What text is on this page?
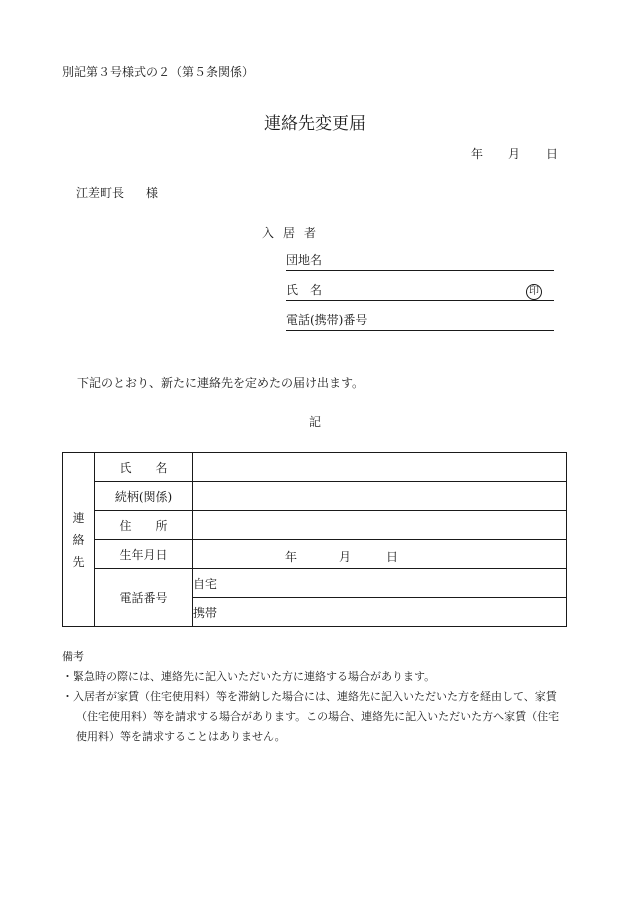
別記第３号様式の２（第５条関係）
連絡先変更届
年 月 日
江差町長 様
入居者
団地名
氏　名	印
電話(携帯)番号
下記のとおり、新たに連絡先を定めたの届け出ます。
記
連
絡
先	氏　　名	
	続柄(関係)	
	住　　所	
	生年月日	年 月 日

	電話番号	自宅
		携帯
備考
・緊急時の際には、連絡先に記入いただいた方に連絡する場合があります。
・入居者が家賃（住宅使用料）等を滞納した場合には、連絡先に記入いただいた方を経由して、家賃
（住宅使用料）等を請求する場合があります。この場合、連絡先に記入いただいた方へ家賃（住宅
使用料）等を請求することはありません。
